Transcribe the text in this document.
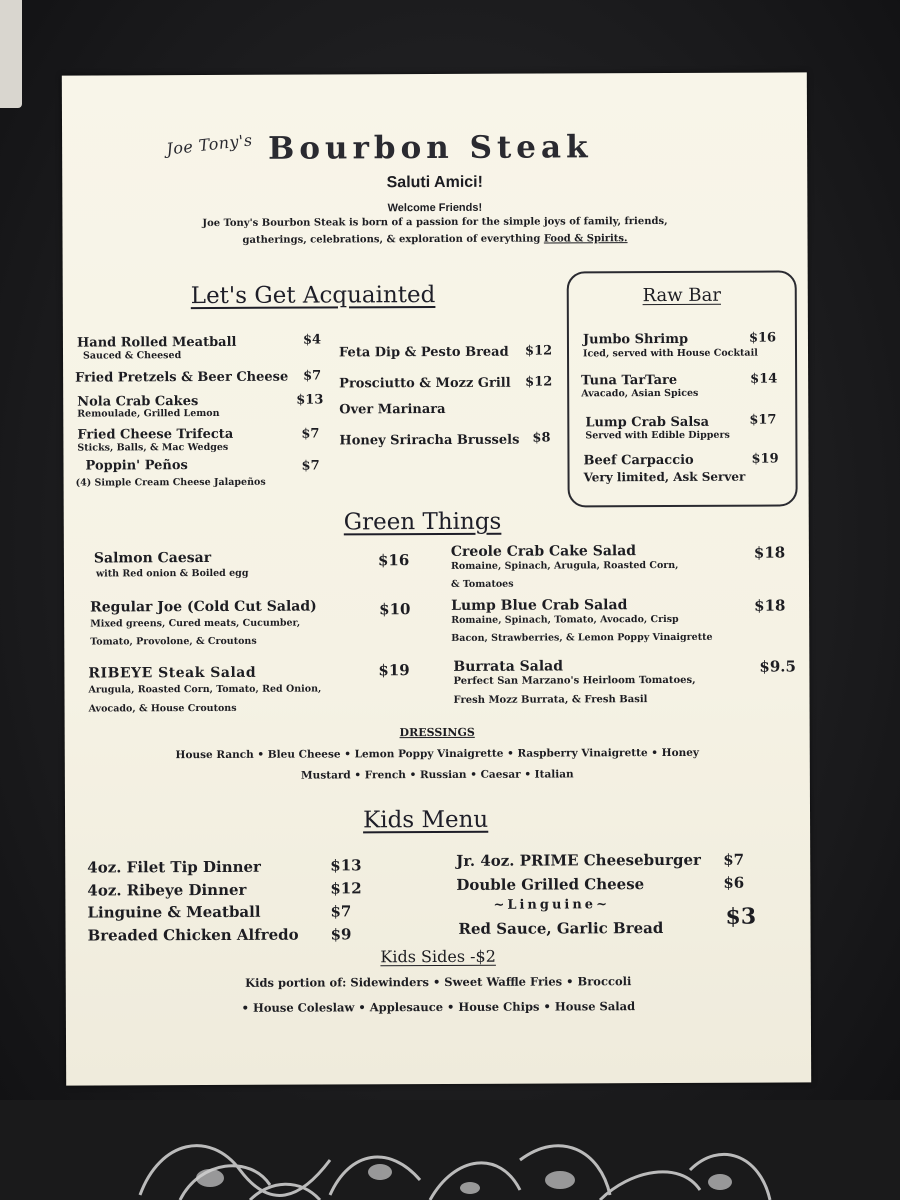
Joe Tony's Bourbon Steak
Saluti Amici!
Welcome Friends!
Joe Tony's Bourbon Steak is born of a passion for the simple joys of family, friends,
gatherings, celebrations, & exploration of everything Food & Spirits.
Let's Get Acquainted
Hand Rolled Meatball
Sauced & Cheesed
$4
Fried Pretzels & Beer Cheese $7
Nola Crab Cakes
Remoulade, Grilled Lemon
$13
Fried Cheese Trifecta
Sticks, Balls, & Mac Wedges
$7
Poppin' Peños
(4) Simple Cream Cheese Jalapeños
$7
Feta Dip & Pesto Bread $12
Prosciutto & Mozz Grill
Over Marinara
$12
Honey Sriracha Brussels $8
Raw Bar
Jumbo Shrimp
Iced, served with House Cocktail
$16
Tuna TarTare
Avacado, Asian Spices
$14
Lump Crab Salsa
Served with Edible Dippers
$17
Beef Carpaccio
Very limited, Ask Server
$19
Green Things
Salmon Caesar
with Red onion & Boiled egg
$16
Regular Joe (Cold Cut Salad)
Mixed greens, Cured meats, Cucumber,
Tomato, Provolone, & Croutons
$10
RIBEYE Steak Salad
Arugula, Roasted Corn, Tomato, Red Onion,
Avocado, & House Croutons
$19
Creole Crab Cake Salad
Romaine, Spinach, Arugula, Roasted Corn,
& Tomatoes
$18
Lump Blue Crab Salad
Romaine, Spinach, Tomato, Avocado, Crisp
Bacon, Strawberries, & Lemon Poppy Vinaigrette
$18
Burrata Salad
Perfect San Marzano's Heirloom Tomatoes,
Fresh Mozz Burrata, & Fresh Basil
$9.5
DRESSINGS
House Ranch • Bleu Cheese • Lemon Poppy Vinaigrette • Raspberry Vinaigrette • Honey
Mustard • French • Russian • Caesar • Italian
Kids Menu
4oz. Filet Tip Dinner	$13
4oz. Ribeye Dinner	$12
Linguine & Meatball	$7
Breaded Chicken Alfredo $9
Jr. 4oz. PRIME Cheeseburger $7
Double Grilled Cheese	$6
~Linguine~
Red Sauce, Garlic Bread	$3
Kids Sides -$2
Kids portion of: Sidewinders • Sweet Waffle Fries • Broccoli
• House Coleslaw • Applesauce • House Chips • House Salad
